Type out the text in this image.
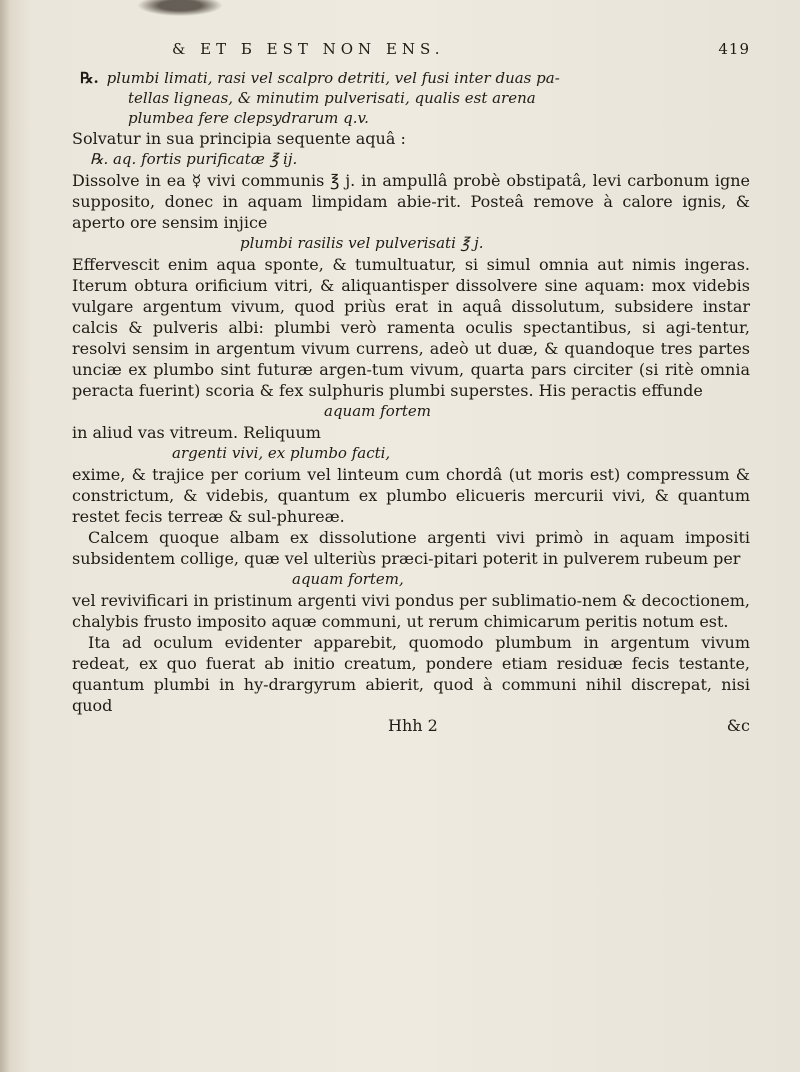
& ET Б EST NON ENS.	419
℞. plumbi limati, rasi vel scalpro detriti, vel fusi inter duas pa-
tellas ligneas, & minutim pulverisati, qualis est arena
plumbea fere clepsydrarum q.v.

Solvatur in sua principia sequente aquâ :

℞. aq. fortis purificatæ ℥ ij.

Dissolve in ea ☿ vivi communis ℥ j. in ampullâ probè obstipatâ, levi carbonum igne supposito, donec in aquam limpidam abie-rit. Posteâ remove à calore ignis, & aperto ore sensim injice

plumbi rasilis vel pulverisati ℥ j.

Effervescit enim aqua sponte, & tumultuatur, si simul omnia aut nimis ingeras. Iterum obtura orificium vitri, & aliquantisper dissolvere sine aquam: mox videbis vulgare argentum vivum, quod priùs erat in aquâ dissolutum, subsidere instar calcis & pulveris albi: plumbi verò ramenta oculis spectantibus, si agi-tentur, resolvi sensim in argentum vivum currens, adeò ut duæ, & quandoque tres partes unciæ ex plumbo sint futuræ argen-tum vivum, quarta pars circiter (si ritè omnia peracta fuerint) scoria & fex sulphuris plumbi superstes. His peractis effunde

aquam fortem

in aliud vas vitreum. Reliquum

argenti vivi, ex plumbo facti,

exime, & trajice per corium vel linteum cum chordâ (ut moris est) compressum & constrictum, & videbis, quantum ex plumbo elicueris mercurii vivi, & quantum restet fecis terreæ & sul-phureæ.

Calcem quoque albam ex dissolutione argenti vivi primò in aquam impositi subsidentem collige, quæ vel ulteriùs præci-pitari poterit in pulverem rubeum per

aquam fortem,

vel revivificari in pristinum argenti vivi pondus per sublimatio-nem & decoctionem, chalybis frusto imposito aquæ communi, ut rerum chimicarum peritis notum est.

Ita ad oculum evidenter apparebit, quomodo plumbum in argentum vivum redeat, ex quo fuerat ab initio creatum, pondere etiam residuæ fecis testante, quantum plumbi in hy-drargyrum abierit, quod à communi nihil discrepat, nisi quod

Hhh 2	&c
